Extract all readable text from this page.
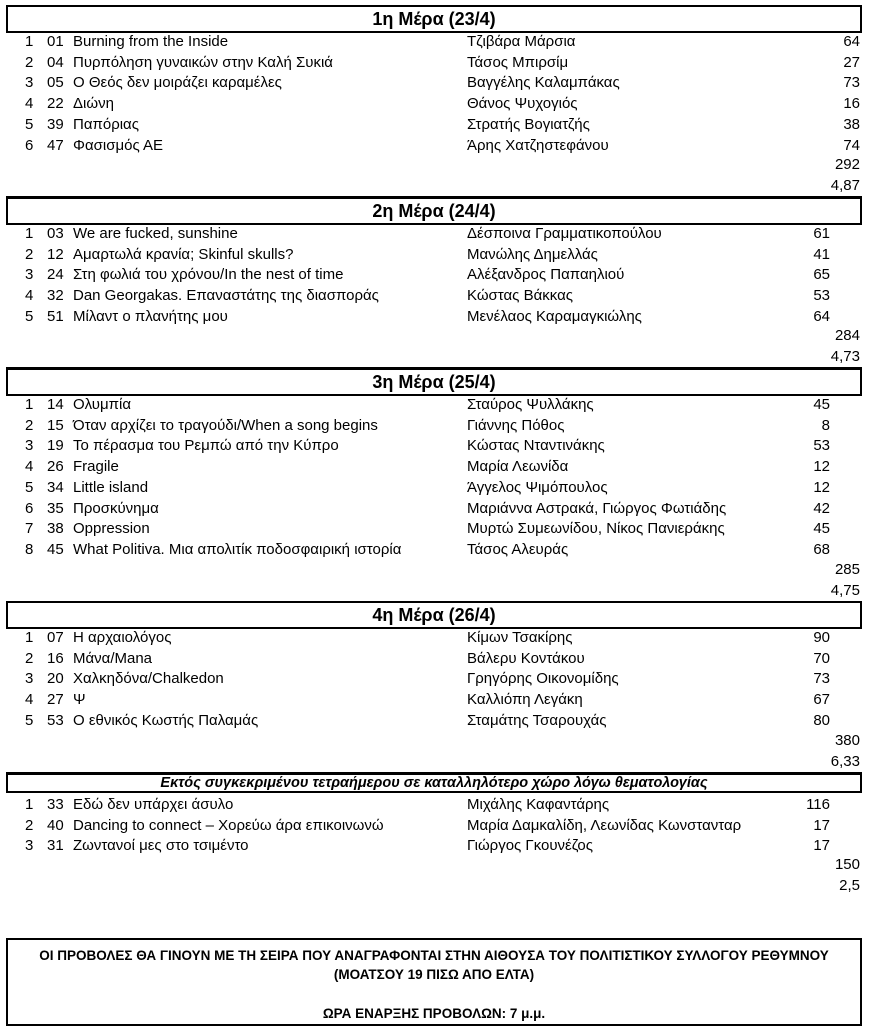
1η Μέρα (23/4)
1 01 Burning from the Inside	Τζιβάρα Μάρσια	64
2 04 Πυρπόληση γυναικών στην Καλή Συκιά	Τάσος Μπιρσίμ	27
3 05 Ο Θεός δεν μοιράζει καραμέλες	Βαγγέλης Καλαμπάκας	73
4 22 Διώνη	Θάνος Ψυχογιός	16
5 39 Παπόριας	Στρατής Βογιατζής	38
6 47 Φασισμός ΑΕ	Άρης Χατζηστεφάνου	74
292
4,87
2η Μέρα (24/4)
1 03 We are fucked, sunshine	Δέσποινα Γραμματικοπούλου	61
2 12 Αμαρτωλά κρανία; Skinful skulls?	Μανώλης Δημελλάς	41
3 24 Στη φωλιά του χρόνου/In the nest of time	Αλέξανδρος Παπαηλιού	65
4 32 Dan Georgakas. Επαναστάτης της διασποράς	Κώστας Βάκκας	53
5 51 Μίλαντ ο πλανήτης μου	Μενέλαος Καραμαγκιώλης	64
284
4,73
3η Μέρα (25/4)
1 14 Ολυμπία	Σταύρος Ψυλλάκης	45
2 15 Όταν αρχίζει το τραγούδι/When a song begins	Γιάννης Πόθος	8
3 19 Το πέρασμα του Ρεμπώ από την Κύπρο	Κώστας Νταντινάκης	53
4 26 Fragile	Μαρία Λεωνίδα	12
5 34 Little island	Άγγελος Ψιμόπουλος	12
6 35 Προσκύνημα	Μαριάννα Αστρακά, Γιώργος Φωτιάδης	42
7 38 Oppression	Μυρτώ Συμεωνίδου, Νίκος Πανιεράκης	45
8 45 What Politiva. Μια απολιτίκ ποδοσφαιρική ιστορία	Τάσος Αλευράς	68
285
4,75
4η Μέρα (26/4)
1 07 Η αρχαιολόγος	Κίμων Τσακίρης	90
2 16 Μάνα/Mana	Βάλερυ Κοντάκου	70
3 20 Χαλκηδόνα/Chalkedon	Γρηγόρης Οικονομίδης	73
4 27 Ψ	Καλλιόπη Λεγάκη	67
5 53 Ο εθνικός Κωστής Παλαμάς	Σταμάτης Τσαρουχάς	80
380
6,33
Εκτός συγκεκριμένου τετραήμερου σε καταλληλότερο χώρο λόγω θεματολογίας
1 33 Εδώ δεν υπάρχει άσυλο	Μιχάλης Καφαντάρης	116
2 40 Dancing to connect – Χορεύω άρα επικοινωνώ	Μαρία Δαμκαλίδη, Λεωνίδας Κωνστανταρ	17
3 31 Ζωντανοί μες στο τσιμέντο	Γιώργος Γκουνέζος	17
150
2,5
ΟΙ ΠΡΟΒΟΛΕΣ ΘΑ ΓΙΝΟΥΝ ΜΕ ΤΗ ΣΕΙΡΑ ΠΟΥ ΑΝΑΓΡΑΦΟΝΤΑΙ ΣΤΗΝ ΑΙΘΟΥΣΑ ΤΟΥ ΠΟΛΙΤΙΣΤΙΚΟΥ ΣΥΛΛΟΓΟΥ ΡΕΘΥΜΝΟΥ (ΜΟΑΤΣΟΥ 19 ΠΙΣΩ ΑΠΟ ΕΛΤΑ)
ΩΡΑ ΕΝΑΡΞΗΣ ΠΡΟΒΟΛΩΝ: 7 μ.μ.
